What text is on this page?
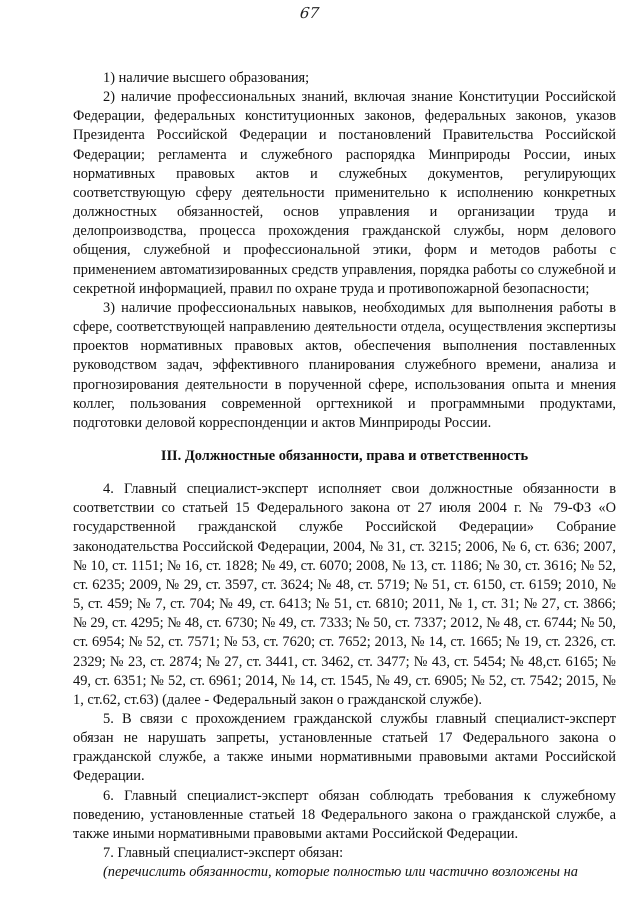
67

1) наличие высшего образования;

2) наличие профессиональных знаний, включая знание Конституции Российской Федерации, федеральных конституционных законов, федеральных законов, указов Президента Российской Федерации и постановлений Правительства Российской Федерации; регламента и служебного распорядка Минприроды России, иных нормативных правовых актов и служебных документов, регулирующих соответствующую сферу деятельности применительно к исполнению конкретных должностных обязанностей, основ управления и организации труда и делопроизводства, процесса прохождения гражданской службы, норм делового общения, служебной и профессиональной этики, форм и методов работы с применением автоматизированных средств управления, порядка работы со служебной и секретной информацией, правил по охране труда и противопожарной безопасности;

3) наличие профессиональных навыков, необходимых для выполнения работы в сфере, соответствующей направлению деятельности отдела, осуществления экспертизы проектов нормативных правовых актов, обеспечения выполнения поставленных руководством задач, эффективного планирования служебного времени, анализа и прогнозирования деятельности в порученной сфере, использования опыта и мнения коллег, пользования современной оргтехникой и программными продуктами, подготовки деловой корреспонденции и актов Минприроды России.

III. Должностные обязанности, права и ответственность

4. Главный специалист-эксперт исполняет свои должностные обязанности в соответствии со статьей 15 Федерального закона от 27 июля 2004 г. № 79-ФЗ «О государственной гражданской службе Российской Федерации» Собрание законодательства Российской Федерации, 2004, № 31, ст. 3215; 2006, № 6, ст. 636; 2007, № 10, ст. 1151; № 16, ст. 1828; № 49, ст. 6070; 2008, № 13, ст. 1186; № 30, ст. 3616; № 52, ст. 6235; 2009, № 29, ст. 3597, ст. 3624; № 48, ст. 5719; № 51, ст. 6150, ст. 6159; 2010, № 5, ст. 459; № 7, ст. 704; № 49, ст. 6413; № 51, ст. 6810; 2011, № 1, ст. 31; № 27, ст. 3866; № 29, ст. 4295; № 48, ст. 6730; № 49, ст. 7333; № 50, ст. 7337; 2012, № 48, ст. 6744; № 50, ст. 6954; № 52, ст. 7571; № 53, ст. 7620; ст. 7652; 2013, № 14, ст. 1665; № 19, ст. 2326, ст. 2329; № 23, ст. 2874; № 27, ст. 3441, ст. 3462, ст. 3477; № 43, ст. 5454; № 48,ст. 6165; № 49, ст. 6351; № 52, ст. 6961; 2014, № 14, ст. 1545, № 49, ст. 6905; № 52, ст. 7542; 2015, № 1, ст.62, ст.63) (далее - Федеральный закон о гражданской службе).

5. В связи с прохождением гражданской службы главный специалист-эксперт обязан не нарушать запреты, установленные статьей 17 Федерального закона о гражданской службе, а также иными нормативными правовыми актами Российской Федерации.

6. Главный специалист-эксперт обязан соблюдать требования к служебному поведению, установленные статьей 18 Федерального закона о гражданской службе, а также иными нормативными правовыми актами Российской Федерации.

7. Главный специалист-эксперт обязан:

(перечислить обязанности, которые полностью или частично возложены на
